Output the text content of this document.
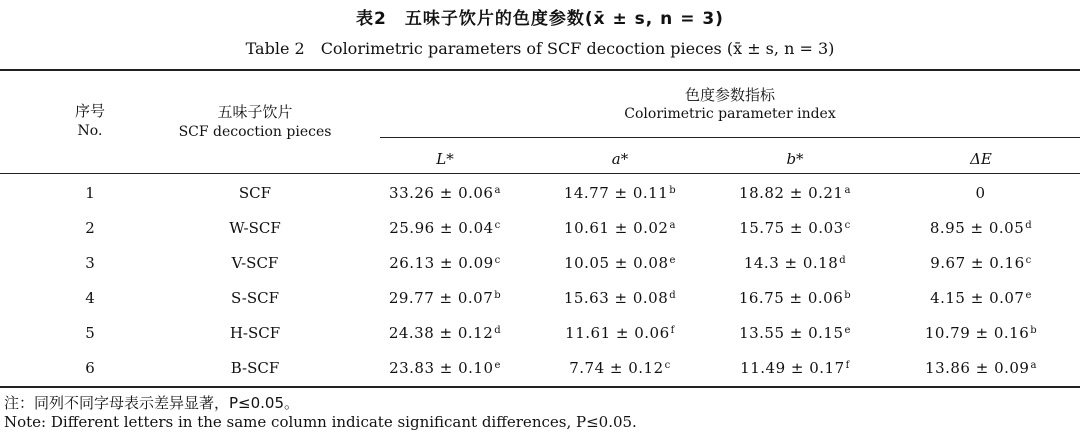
表2　五味子饮片的色度参数(x̄ ± s, n = 3)
Table 2　Colorimetric parameters of SCF decoction pieces (x̄ ± s, n = 3)
序号
No.
五味子饮片
SCF decoction pieces
色度参数指标
Colorimetric parameter index
L*	a*	b*	ΔE
1	SCF	33.26 ± 0.06$^a$	14.77 ± 0.11$^b$	18.82 ± 0.21$^a$	0
2	W-SCF	25.96 ± 0.04$^c$	10.61 ± 0.02$^a$	15.75 ± 0.03$^c$	8.95 ± 0.05$^d$
3	V-SCF	26.13 ± 0.09$^c$	10.05 ± 0.08$^e$	14.3 ± 0.18$^d$	9.67 ± 0.16$^c$
4	S-SCF	29.77 ± 0.07$^b$	15.63 ± 0.08$^d$	16.75 ± 0.06$^b$	4.15 ± 0.07$^e$
5	H-SCF	24.38 ± 0.12$^d$	11.61 ± 0.06$^f$	13.55 ± 0.15$^e$	10.79 ± 0.16$^b$
6	B-SCF	23.83 ± 0.10$^e$	7.74 ± 0.12$^c$	11.49 ± 0.17$^f$	13.86 ± 0.09$^a$
注：同列不同字母表示差异显著，P≤0.05。
Note: Different letters in the same column indicate significant differences, P≤0.05.
